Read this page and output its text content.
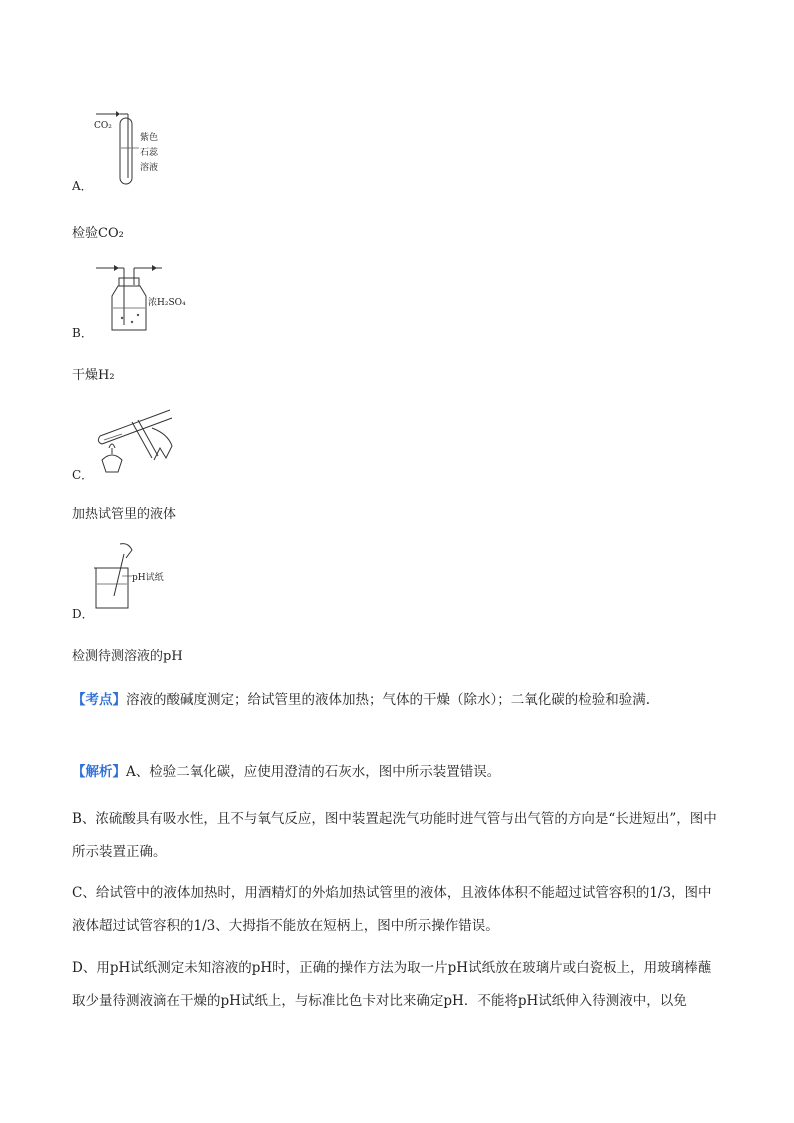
CO₂
紫色
石蕊
溶液
A．
检验CO₂
浓H₂SO₄
B．
干燥H₂
C．
加热试管里的液体
pH试纸
D．
检测待测溶液的pH
【考点】溶液的酸碱度测定；给试管里的液体加热；气体的干燥（除水）；二氧化碳的检验和验满.
【解析】A、检验二氧化碳，应使用澄清的石灰水，图中所示装置错误。
B、浓硫酸具有吸水性，且不与氧气反应，图中装置起洗气功能时进气管与出气管的方向是“长进短出”，图中所示装置正确。
C、给试管中的液体加热时，用酒精灯的外焰加热试管里的液体，且液体体积不能超过试管容积的1/3，图中液体超过试管容积的1/3、大拇指不能放在短柄上，图中所示操作错误。
D、用pH试纸测定未知溶液的pH时，正确的操作方法为取一片pH试纸放在玻璃片或白瓷板上，用玻璃棒蘸取少量待测液滴在干燥的pH试纸上，与标准比色卡对比来确定pH．不能将pH试纸伸入待测液中，以免
